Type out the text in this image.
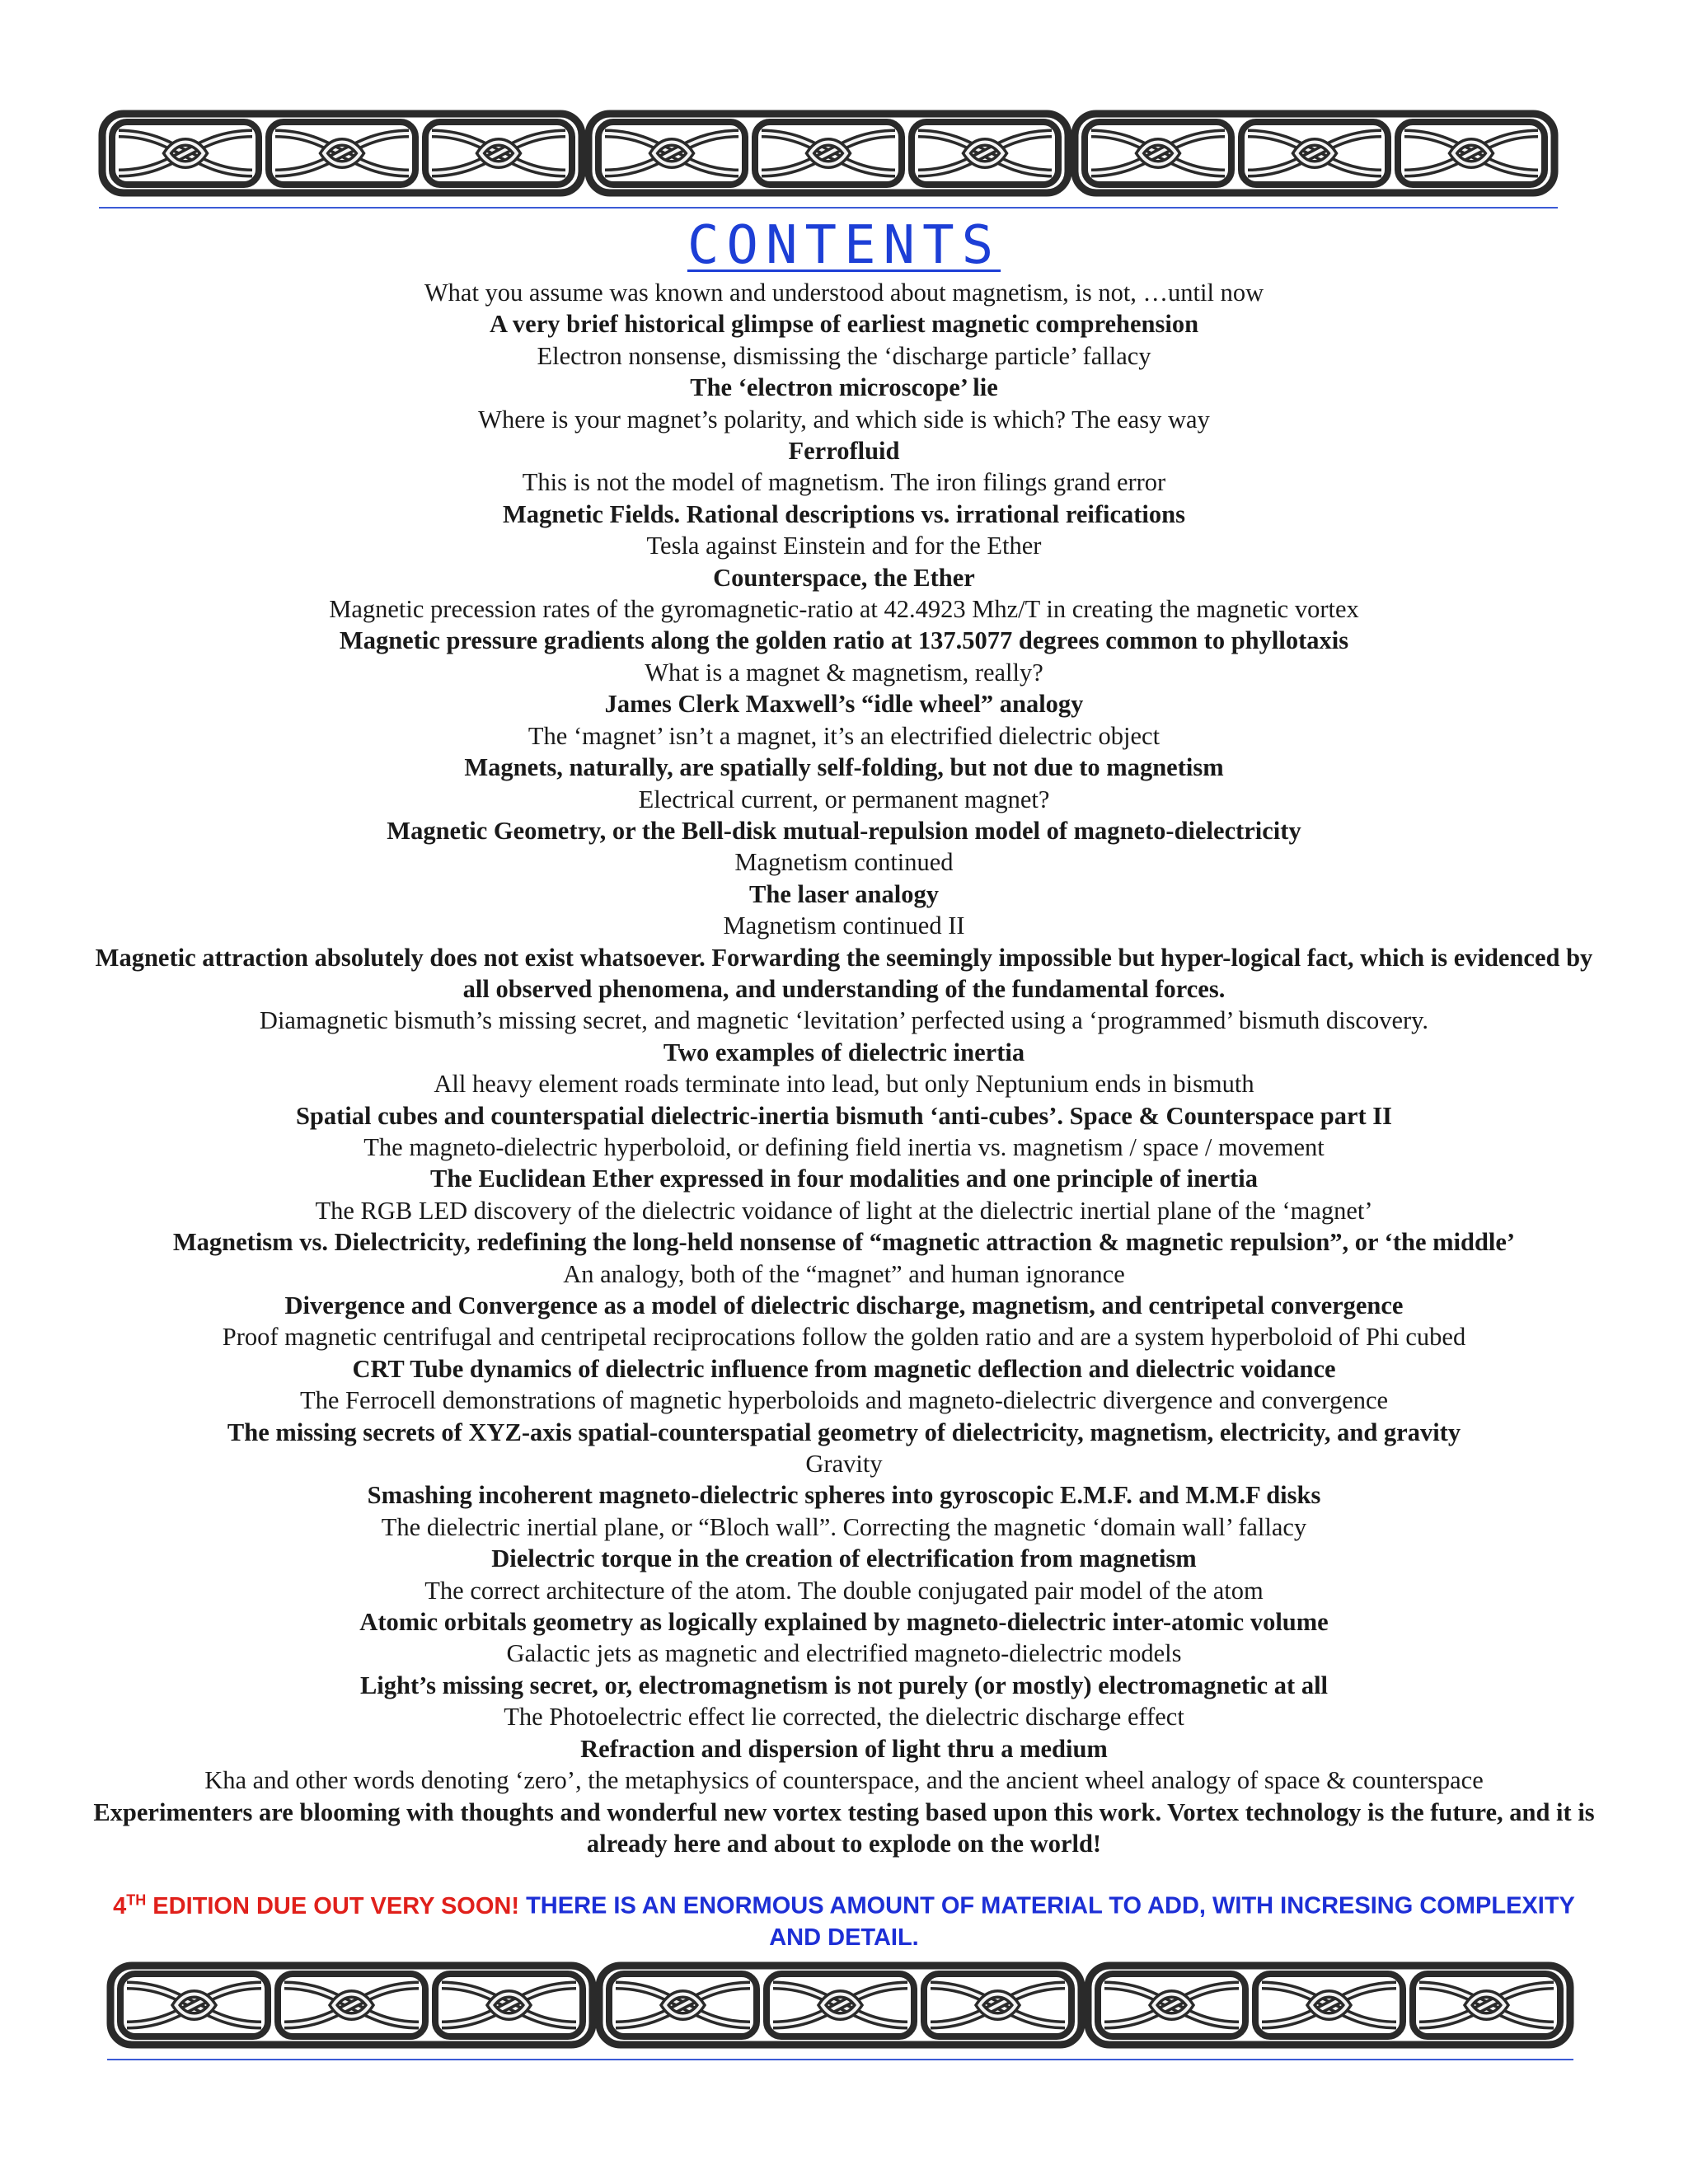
CONTENTS
What you assume was known and understood about magnetism, is not, …until now
A very brief historical glimpse of earliest magnetic comprehension
Electron nonsense, dismissing the ‘discharge particle’ fallacy
The ‘electron microscope’ lie
Where is your magnet’s polarity, and which side is which? The easy way
Ferrofluid
This is not the model of magnetism. The iron filings grand error
Magnetic Fields. Rational descriptions vs. irrational reifications
Tesla against Einstein and for the Ether
Counterspace, the Ether
Magnetic precession rates of the gyromagnetic-ratio at 42.4923 Mhz/T in creating the magnetic vortex
Magnetic pressure gradients along the golden ratio at 137.5077 degrees common to phyllotaxis
What is a magnet & magnetism, really?
James Clerk Maxwell’s “idle wheel” analogy
The ‘magnet’ isn’t a magnet, it’s an electrified dielectric object
Magnets, naturally, are spatially self-folding, but not due to magnetism
Electrical current, or permanent magnet?
Magnetic Geometry, or the Bell-disk mutual-repulsion model of magneto-dielectricity
Magnetism continued
The laser analogy
Magnetism continued II
Magnetic attraction absolutely does not exist whatsoever. Forwarding the seemingly impossible but hyper-logical fact, which is evidenced by all observed phenomena, and understanding of the fundamental forces.
Diamagnetic bismuth’s missing secret, and magnetic ‘levitation’ perfected using a ‘programmed’ bismuth discovery.
Two examples of dielectric inertia
All heavy element roads terminate into lead, but only Neptunium ends in bismuth
Spatial cubes and counterspatial dielectric-inertia bismuth ‘anti-cubes’. Space & Counterspace part II
The magneto-dielectric hyperboloid, or defining field inertia vs. magnetism / space / movement
The Euclidean Ether expressed in four modalities and one principle of inertia
The RGB LED discovery of the dielectric voidance of light at the dielectric inertial plane of the ‘magnet’
Magnetism vs. Dielectricity, redefining the long-held nonsense of “magnetic attraction & magnetic repulsion”, or ‘the middle’
An analogy, both of the “magnet” and human ignorance
Divergence and Convergence as a model of dielectric discharge, magnetism, and centripetal convergence
Proof magnetic centrifugal and centripetal reciprocations follow the golden ratio and are a system hyperboloid of Phi cubed
CRT Tube dynamics of dielectric influence from magnetic deflection and dielectric voidance
The Ferrocell demonstrations of magnetic hyperboloids and magneto-dielectric divergence and convergence
The missing secrets of XYZ-axis spatial-counterspatial geometry of dielectricity, magnetism, electricity, and gravity
Gravity
Smashing incoherent magneto-dielectric spheres into gyroscopic E.M.F. and M.M.F disks
The dielectric inertial plane, or “Bloch wall”. Correcting the magnetic ‘domain wall’ fallacy
Dielectric torque in the creation of electrification from magnetism
The correct architecture of the atom. The double conjugated pair model of the atom
Atomic orbitals geometry as logically explained by magneto-dielectric inter-atomic volume
Galactic jets as magnetic and electrified magneto-dielectric models
Light’s missing secret, or, electromagnetism is not purely (or mostly) electromagnetic at all
The Photoelectric effect lie corrected, the dielectric discharge effect
Refraction and dispersion of light thru a medium
Kha and other words denoting ‘zero’, the metaphysics of counterspace, and the ancient wheel analogy of space & counterspace
Experimenters are blooming with thoughts and wonderful new vortex testing based upon this work. Vortex technology is the future, and it is already here and about to explode on the world!
4TH EDITION DUE OUT VERY SOON! THERE IS AN ENORMOUS AMOUNT OF MATERIAL TO ADD, WITH INCRESING COMPLEXITY AND DETAIL.
